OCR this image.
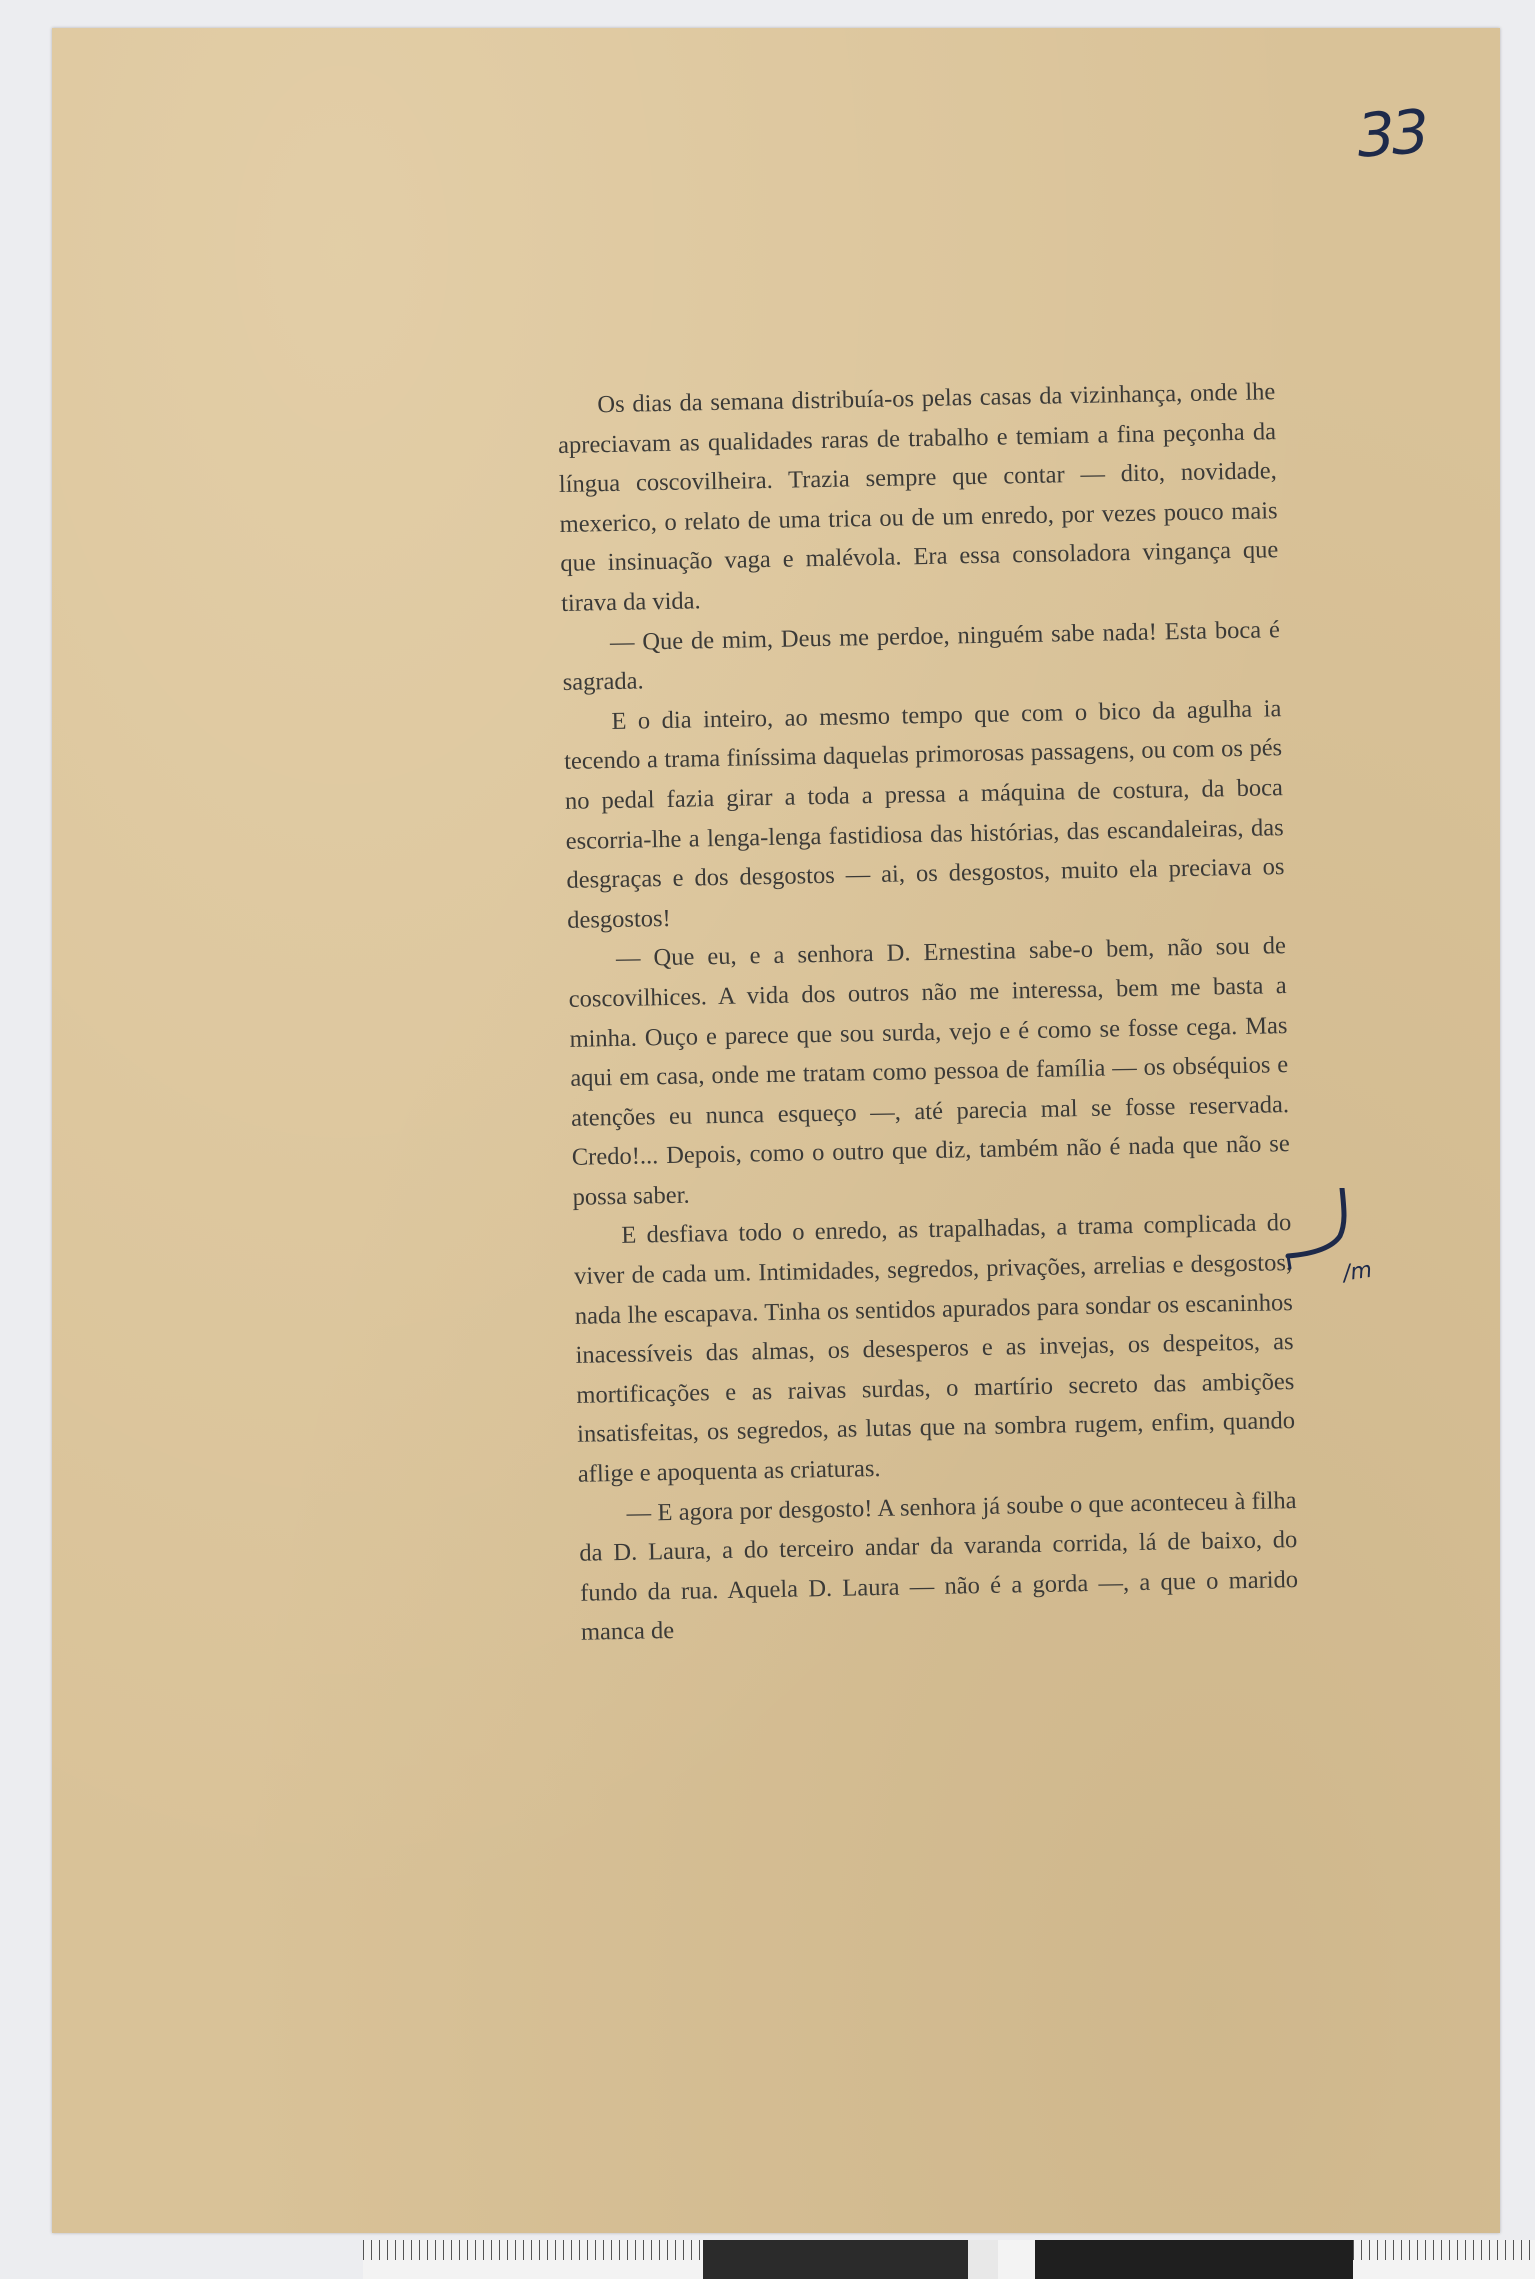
33

Os dias da semana distribuía-os pelas casas da vizinhança, onde lhe apreciavam as qualidades raras de trabalho e temiam a fina peçonha da língua coscovilheira. Trazia sempre que contar — dito, novidade, mexerico, o relato de uma trica ou de um enredo, por vezes pouco mais que insinuação vaga e malévola. Era essa consoladora vingança que tirava da vida.

— Que de mim, Deus me perdoe, ninguém sabe nada! Esta boca é sagrada.

E o dia inteiro, ao mesmo tempo que com o bico da agulha ia tecendo a trama finíssima daquelas primorosas passagens, ou com os pés no pedal fazia girar a toda a pressa a máquina de costura, da boca escorria-lhe a lenga-lenga fastidiosa das histórias, das escandaleiras, das desgraças e dos desgostos — ai, os desgostos, muito ela preciava os desgostos!

— Que eu, e a senhora D. Ernestina sabe-o bem, não sou de coscovilhices. A vida dos outros não me interessa, bem me basta a minha. Ouço e parece que sou surda, vejo e é como se fosse cega. Mas aqui em casa, onde me tratam como pessoa de família — os obséquios e atenções eu nunca esqueço —, até parecia mal se fosse reservada. Credo!... Depois, como o outro que diz, também não é nada que não se possa saber.

E desfiava todo o enredo, as trapalhadas, a trama complicada do viver de cada um. Intimidades, segredos, privações, arrelias e desgostos, nada lhe escapava. Tinha os sentidos apurados para sondar os escaninhos inacessíveis das almas, os desesperos e as invejas, os despeitos, as mortificações e as raivas surdas, o martírio secreto das ambições insatisfeitas, os segredos, as lutas que na sombra rugem, enfim, quando aflige e apoquenta as criaturas.

— E agora por desgosto! A senhora já soube o que aconteceu à filha da D. Laura, a do terceiro andar da varanda corrida, lá de baixo, do fundo da rua. Aquela D. Laura — não é a gorda —, a que o marido manca de

/m
